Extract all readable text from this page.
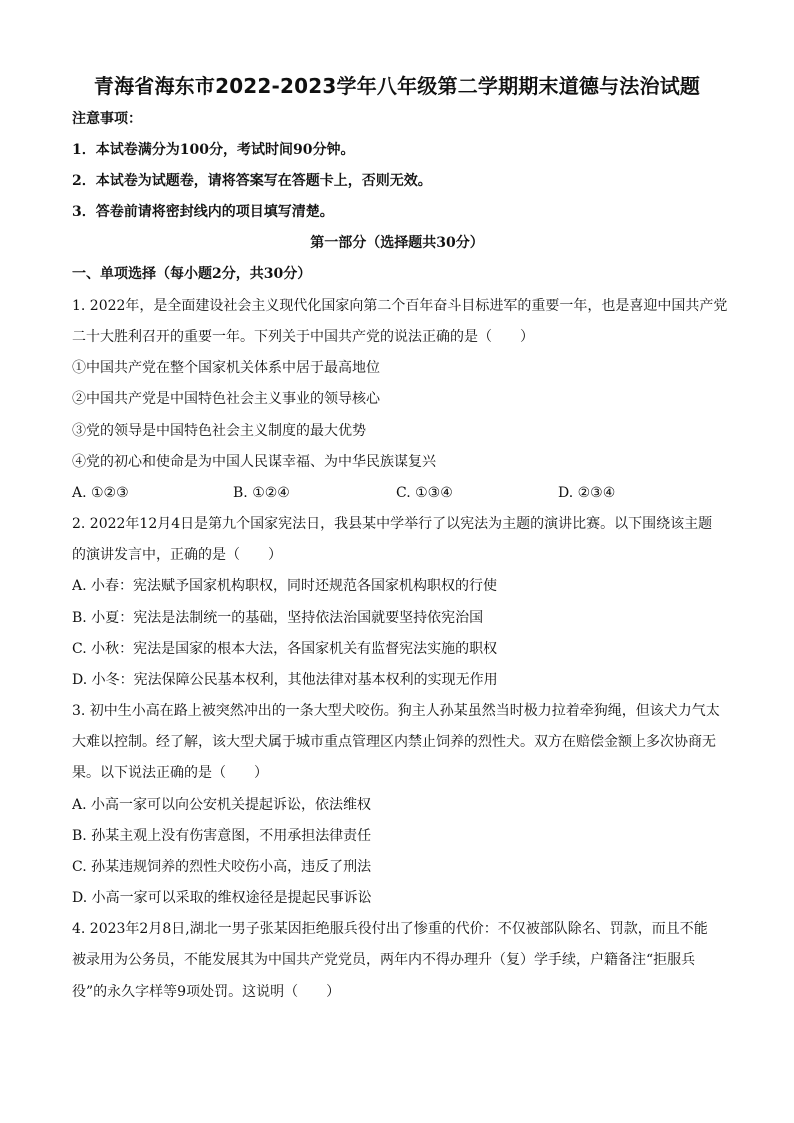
青海省海东市2022-2023学年八年级第二学期期末道德与法治试题
注意事项：
1．本试卷满分为100分，考试时间90分钟。
2．本试卷为试题卷，请将答案写在答题卡上，否则无效。
3．答卷前请将密封线内的项目填写清楚。
第一部分（选择题共30分）
一、单项选择（每小题2分，共30分）
1. 2022年，是全面建设社会主义现代化国家向第二个百年奋斗目标进军的重要一年，也是喜迎中国共产党
二十大胜利召开的重要一年。下列关于中国共产党的说法正确的是（　　）
①中国共产党在整个国家机关体系中居于最高地位
②中国共产党是中国特色社会主义事业的领导核心
③党的领导是中国特色社会主义制度的最大优势
④党的初心和使命是为中国人民谋幸福、为中华民族谋复兴
A. ①②③	B. ①②④	C. ①③④	D. ②③④
2. 2022年12月4日是第九个国家宪法日，我县某中学举行了以宪法为主题的演讲比赛。以下围绕该主题
的演讲发言中，正确的是（　　）
A. 小春：宪法赋予国家机构职权，同时还规范各国家机构职权的行使
B. 小夏：宪法是法制统一的基础，坚持依法治国就要坚持依宪治国
C. 小秋：宪法是国家的根本大法，各国家机关有监督宪法实施的职权
D. 小冬：宪法保障公民基本权利，其他法律对基本权利的实现无作用
3. 初中生小高在路上被突然冲出的一条大型犬咬伤。狗主人孙某虽然当时极力拉着牵狗绳，但该犬力气太
大难以控制。经了解，该大型犬属于城市重点管理区内禁止饲养的烈性犬。双方在赔偿金额上多次协商无
果。以下说法正确的是（　　）
A. 小高一家可以向公安机关提起诉讼，依法维权
B. 孙某主观上没有伤害意图，不用承担法律责任
C. 孙某违规饲养的烈性犬咬伤小高，违反了刑法
D. 小高一家可以采取的维权途径是提起民事诉讼
4. 2023年2月8日,湖北一男子张某因拒绝服兵役付出了惨重的代价：不仅被部队除名、罚款，而且不能
被录用为公务员，不能发展其为中国共产党党员，两年内不得办理升（复）学手续，户籍备注“拒服兵
役”的永久字样等9项处罚。这说明（　　）
